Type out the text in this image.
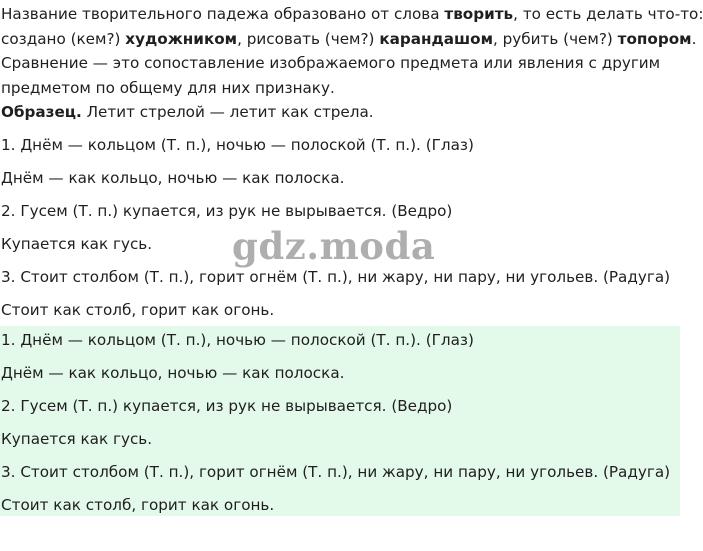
Название творительного падежа образовано от слова творить, то есть делать что-то:

создано (кем?) художником, рисовать (чем?) карандашом, рубить (чем?) топором.

Сравнение — это сопоставление изображаемого предмета или явления с другим

предметом по общему для них признаку.

Образец. Летит стрелой — летит как стрела.

1. Днём — кольцом (Т. п.), ночью — полоской (Т. п.). (Глаз)

Днём — как кольцо, ночью — как полоска.

2. Гусем (Т. п.) купается, из рук не вырывается. (Ведро)

Купается как гусь.

3. Стоит столбом (Т. п.), горит огнём (Т. п.), ни жару, ни пару, ни угольев. (Радуга)

Стоит как столб, горит как огонь.

1. Днём — кольцом (Т. п.), ночью — полоской (Т. п.). (Глаз)

Днём — как кольцо, ночью — как полоска.

2. Гусем (Т. п.) купается, из рук не вырывается. (Ведро)

Купается как гусь.

3. Стоит столбом (Т. п.), горит огнём (Т. п.), ни жару, ни пару, ни угольев. (Радуга)

Стоит как столб, горит как огонь.

gdz.moda
